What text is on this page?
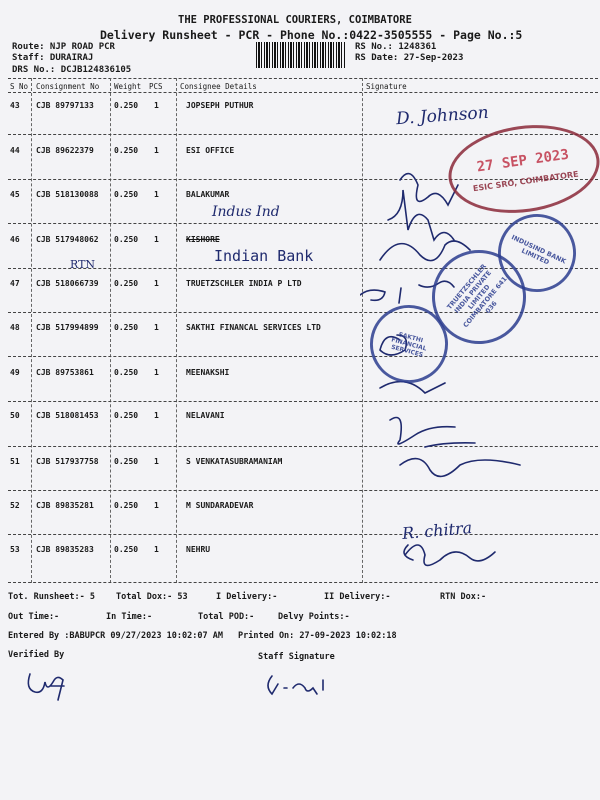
THE PROFESSIONAL COURIERS, COIMBATORE
Delivery Runsheet - PCR - Phone No.:0422-3505555 - Page No.:5
Route: NJP ROAD PCR
Staff: DURAIRAJ
DRS No.: DCJB124836105
RS No.: 1248361
RS Date: 27-Sep-2023
S No Consignment No Weight PCS Consignee Details	Signature
43 CJB 89797133	0.250 1	JOPSEPH PUTHUR
44 CJB 89622379	0.250 1	ESI OFFICE
45 CJB 518130088 0.250 1	BALAKUMAR
46 CJB 517948062 0.250 1	KISHORE
47 CJB 518066739 0.250 1	TRUETZSCHLER INDIA P LTD
48 CJB 517994899 0.250 1	SAKTHI FINANCAL SERVICES LTD
49 CJB 89753861	0.250 1	MEENAKSHI
50 CJB 518081453 0.250 1	NELAVANI
51 CJB 517937758 0.250 1	S VENKATASUBRAMANIAM
52 CJB 89835281	0.250 1	M SUNDARADEVAR
53 CJB 89835283	0.250 1	NEHRU
D. Johnson
Indus Ind
Indian Bank
RTN
R. chitra
27 SEP 2023
ESIC SRO, COIMBATORE
INDUSIND BANK LIMITED
TRUETZSCHLER INDIA PRIVATE LIMITED COIMBATORE 641 036
SAKTHI FINANCIAL SERVICES
Tot. Runsheet:- 5 Total Dox:- 53	I Delivery:-	II Delivery:-	RTN Dox:-
Out Time:-	In Time:-	Total POD:-	Delvy Points:-
Entered By :BABUPCR 09/27/2023 10:02:07 AM Printed On: 27-09-2023 10:02:18
Verified By	Staff Signature
